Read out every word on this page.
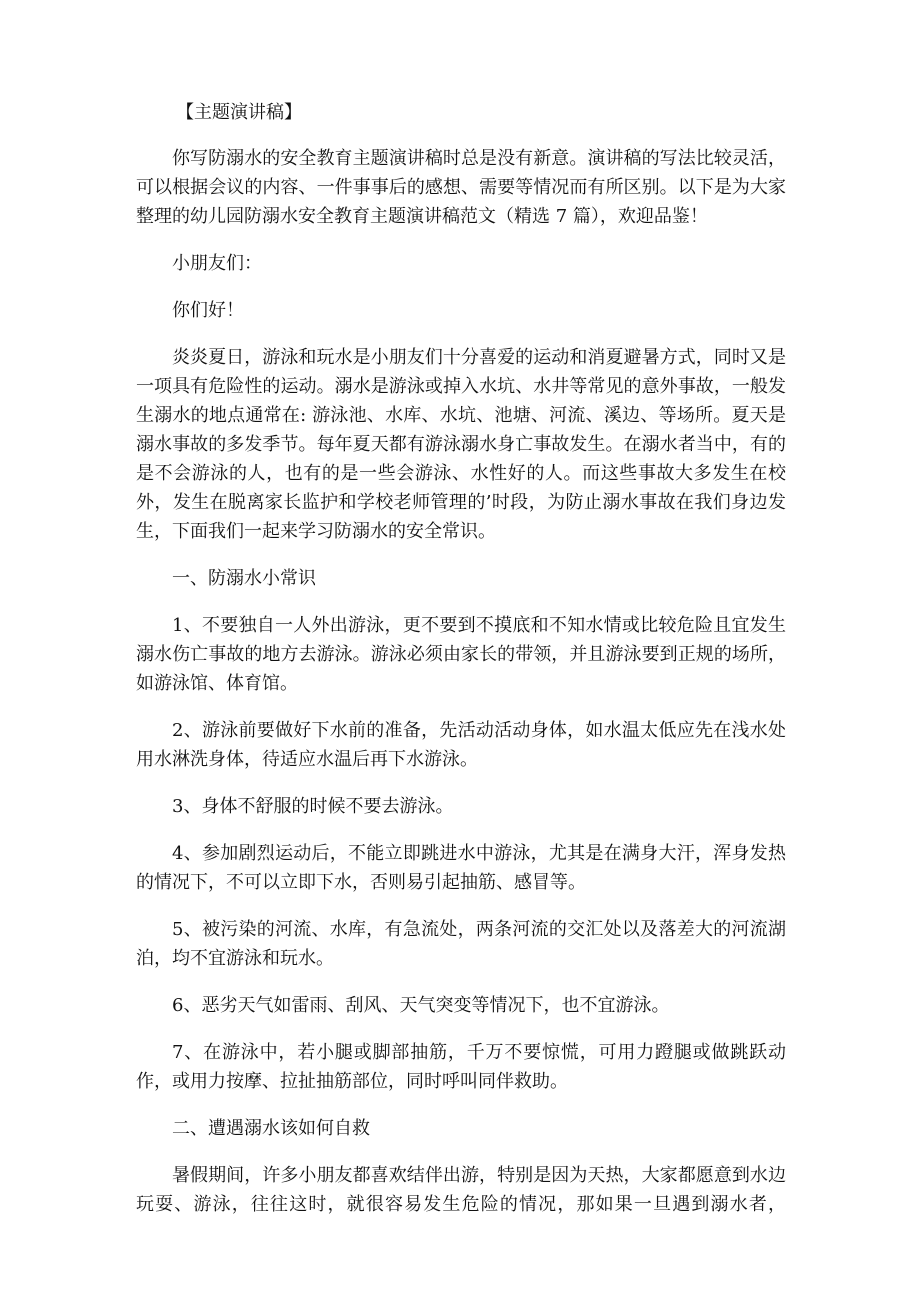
【主题演讲稿】

你写防溺水的安全教育主题演讲稿时总是没有新意。演讲稿的写法比较灵活，可以根据会议的内容、一件事事后的感想、需要等情况而有所区别。以下是为大家整理的幼儿园防溺水安全教育主题演讲稿范文（精选 7 篇），欢迎品鉴！

小朋友们：

你们好！

炎炎夏日，游泳和玩水是小朋友们十分喜爱的运动和消夏避暑方式，同时又是一项具有危险性的运动。溺水是游泳或掉入水坑、水井等常见的意外事故，一般发生溺水的地点通常在: 游泳池、水库、水坑、池塘、河流、溪边、等场所。夏天是溺水事故的多发季节。每年夏天都有游泳溺水身亡事故发生。在溺水者当中，有的是不会游泳的人，也有的是一些会游泳、水性好的人。而这些事故大多发生在校外，发生在脱离家长监护和学校老师管理的’时段，为防止溺水事故在我们身边发生，下面我们一起来学习防溺水的安全常识。

一、防溺水小常识

1、不要独自一人外出游泳，更不要到不摸底和不知水情或比较危险且宜发生溺水伤亡事故的地方去游泳。游泳必须由家长的带领，并且游泳要到正规的场所，如游泳馆、体育馆。

2、游泳前要做好下水前的准备，先活动活动身体，如水温太低应先在浅水处用水淋洗身体，待适应水温后再下水游泳。

3、身体不舒服的时候不要去游泳。

4、参加剧烈运动后，不能立即跳进水中游泳，尤其是在满身大汗，浑身发热的情况下，不可以立即下水，否则易引起抽筋、感冒等。

5、被污染的河流、水库，有急流处，两条河流的交汇处以及落差大的河流湖泊，均不宜游泳和玩水。

6、恶劣天气如雷雨、刮风、天气突变等情况下，也不宜游泳。

7、在游泳中，若小腿或脚部抽筋，千万不要惊慌，可用力蹬腿或做跳跃动作，或用力按摩、拉扯抽筋部位，同时呼叫同伴救助。

二、遭遇溺水该如何自救

暑假期间，许多小朋友都喜欢结伴出游，特别是因为天热，大家都愿意到水边玩耍、游泳，往往这时，就很容易发生危险的情况，那如果一旦遇到溺水者，
